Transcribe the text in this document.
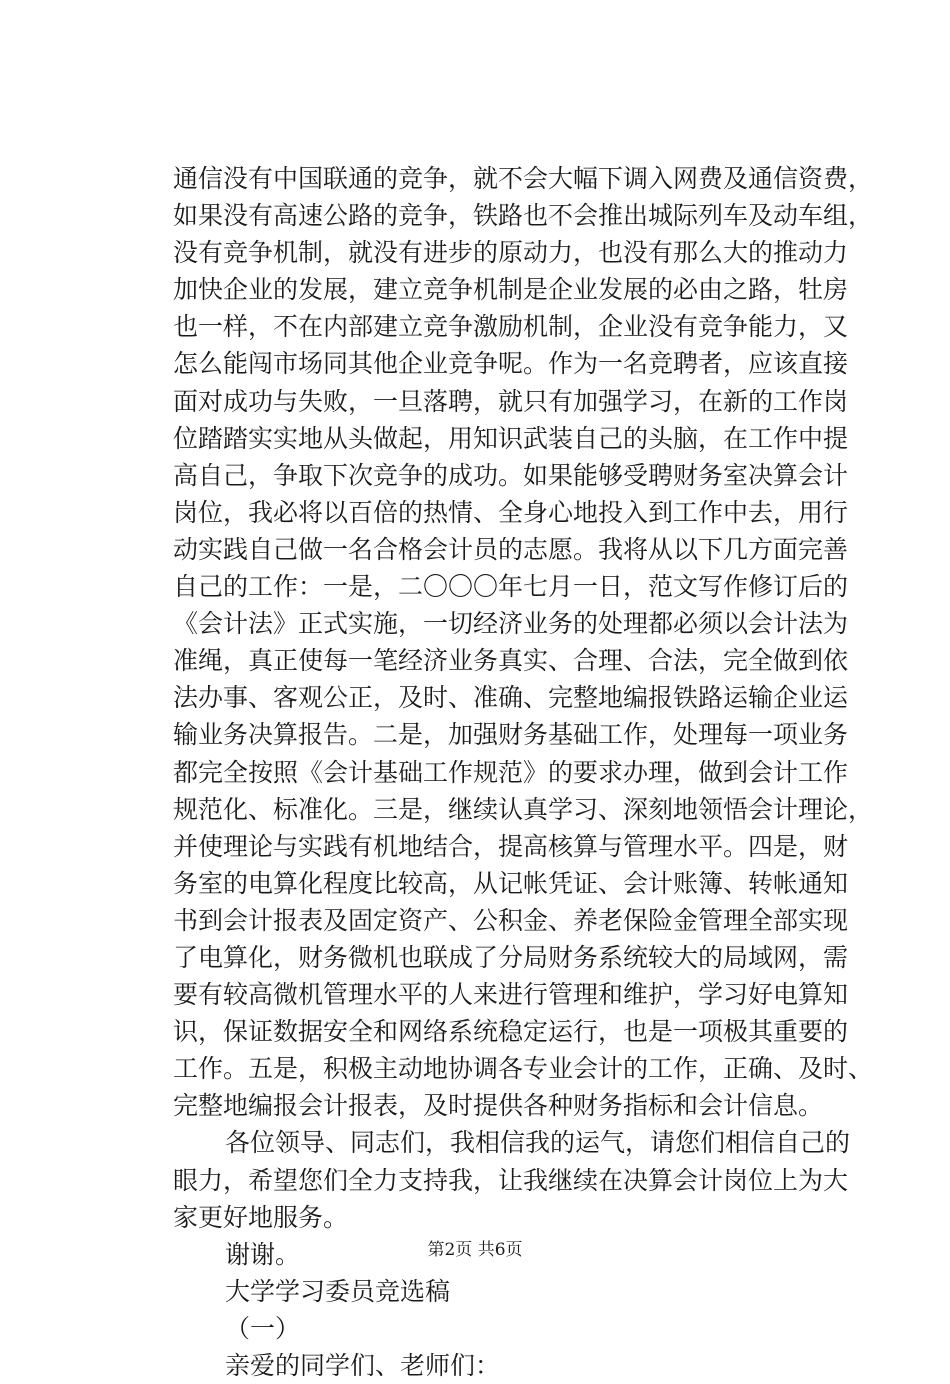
通信没有中国联通的竞争，就不会大幅下调入网费及通信资费，
如果没有高速公路的竞争，铁路也不会推出城际列车及动车组，
没有竞争机制，就没有进步的原动力，也没有那么大的推动力
加快企业的发展，建立竞争机制是企业发展的必由之路，牡房
也一样，不在内部建立竞争激励机制，企业没有竞争能力，又
怎么能闯市场同其他企业竞争呢。作为一名竞聘者，应该直接
面对成功与失败，一旦落聘，就只有加强学习，在新的工作岗
位踏踏实实地从头做起，用知识武装自己的头脑，在工作中提
高自己，争取下次竞争的成功。如果能够受聘财务室决算会计
岗位，我必将以百倍的热情、全身心地投入到工作中去，用行
动实践自己做一名合格会计员的志愿。我将从以下几方面完善
自己的工作：一是，二〇〇〇年七月一日，范文写作修订后的
《会计法》正式实施，一切经济业务的处理都必须以会计法为
准绳，真正使每一笔经济业务真实、合理、合法，完全做到依
法办事、客观公正，及时、准确、完整地编报铁路运输企业运
输业务决算报告。二是，加强财务基础工作，处理每一项业务
都完全按照《会计基础工作规范》的要求办理，做到会计工作
规范化、标准化。三是，继续认真学习、深刻地领悟会计理论，
并使理论与实践有机地结合，提高核算与管理水平。四是，财
务室的电算化程度比较高，从记帐凭证、会计账簿、转帐通知
书到会计报表及固定资产、公积金、养老保险金管理全部实现
了电算化，财务微机也联成了分局财务系统较大的局域网，需
要有较高微机管理水平的人来进行管理和维护，学习好电算知
识，保证数据安全和网络系统稳定运行，也是一项极其重要的
工作。五是，积极主动地协调各专业会计的工作，正确、及时、
完整地编报会计报表，及时提供各种财务指标和会计信息。
各位领导、同志们，我相信我的运气，请您们相信自己的
眼力，希望您们全力支持我，让我继续在决算会计岗位上为大
家更好地服务。
谢谢。
大学学习委员竞选稿
（一）
亲爱的同学们、老师们：
第2页 共6页
